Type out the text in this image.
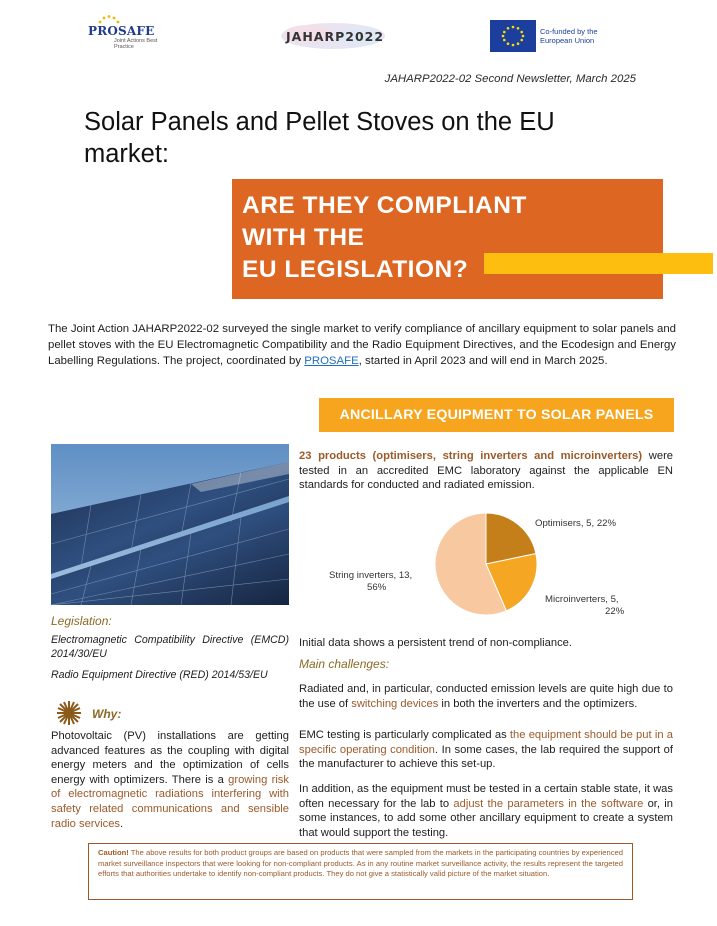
PROSAFE
Joint Actions Best Practice
JAHARP2022	Co-funded by the European Union
JAHARP2022-02 Second Newsletter, March 2025
Solar Panels and Pellet Stoves on the EU market:
ARE THEY COMPLIANT
WITH THE
EU LEGISLATION?
The Joint Action JAHARP2022-02 surveyed the single market to verify compliance of ancillary equipment to solar panels and pellet stoves with the EU Electromagnetic Compatibility and the Radio Equipment Directives, and the Ecodesign and Energy Labelling Regulations. The project, coordinated by PROSAFE, started in April 2023 and will end in March 2025.
ANCILLARY EQUIPMENT TO SOLAR PANELS
Legislation:
Electromagnetic Compatibility Directive (EMCD) 2014/30/EU
Radio Equipment Directive (RED) 2014/53/EU
Why:
Photovoltaic (PV) installations are getting advanced features as the coupling with digital energy meters and the optimization of cells energy with optimizers. There is a growing risk of electromagnetic radiations interfering with safety related communications and sensible radio services.
23 products (optimisers, string inverters and microinverters) were tested in an accredited EMC laboratory against the applicable EN standards for conducted and radiated emission.
Optimisers, 5, 22%
Microinverters, 5, 22%
String inverters, 13, 56%
Initial data shows a persistent trend of non-compliance.
Main challenges:
Radiated and, in particular, conducted emission levels are quite high due to the use of switching devices in both the inverters and the optimizers.
EMC testing is particularly complicated as the equipment should be put in a specific operating condition. In some cases, the lab required the support of the manufacturer to achieve this set-up.
In addition, as the equipment must be tested in a certain stable state, it was often necessary for the lab to adjust the parameters in the software or, in some instances, to add some other ancillary equipment to create a system that would support the testing.
Caution! The above results for both product groups are based on products that were sampled from the markets in the participating countries by experienced market surveillance inspectors that were looking for non-compliant products. As in any routine market surveillance activity, the results represent the targeted efforts that authorities undertake to identify non-compliant products. They do not give a statistically valid picture of the market situation.
